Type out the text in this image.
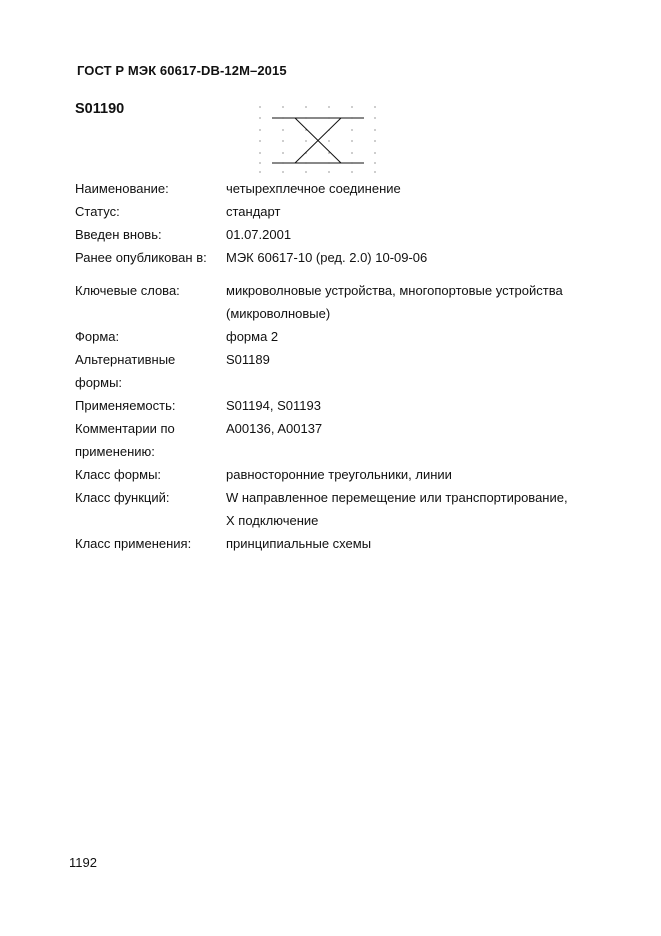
ГОСТ Р МЭК 60617-DB-12M–2015
S01190
Наименование:	четырехплечное соединение
Статус:	стандарт
Введен вновь:	01.07.2001
Ранее опубликован в:	МЭК 60617-10 (ред. 2.0) 10-09-06
Ключевые слова:	микроволновые устройства, многопортовые устройства
(микроволновые)
Форма:	форма 2
Альтернативные
формы:
S01189
Применяемость:	S01194, S01193
Комментарии по
применению:
A00136, A00137
Класс формы:	равносторонние треугольники, линии
Класс функций:	W направленное перемещение или транспортирование,
X подключение
Класс применения:	принципиальные схемы
1192
